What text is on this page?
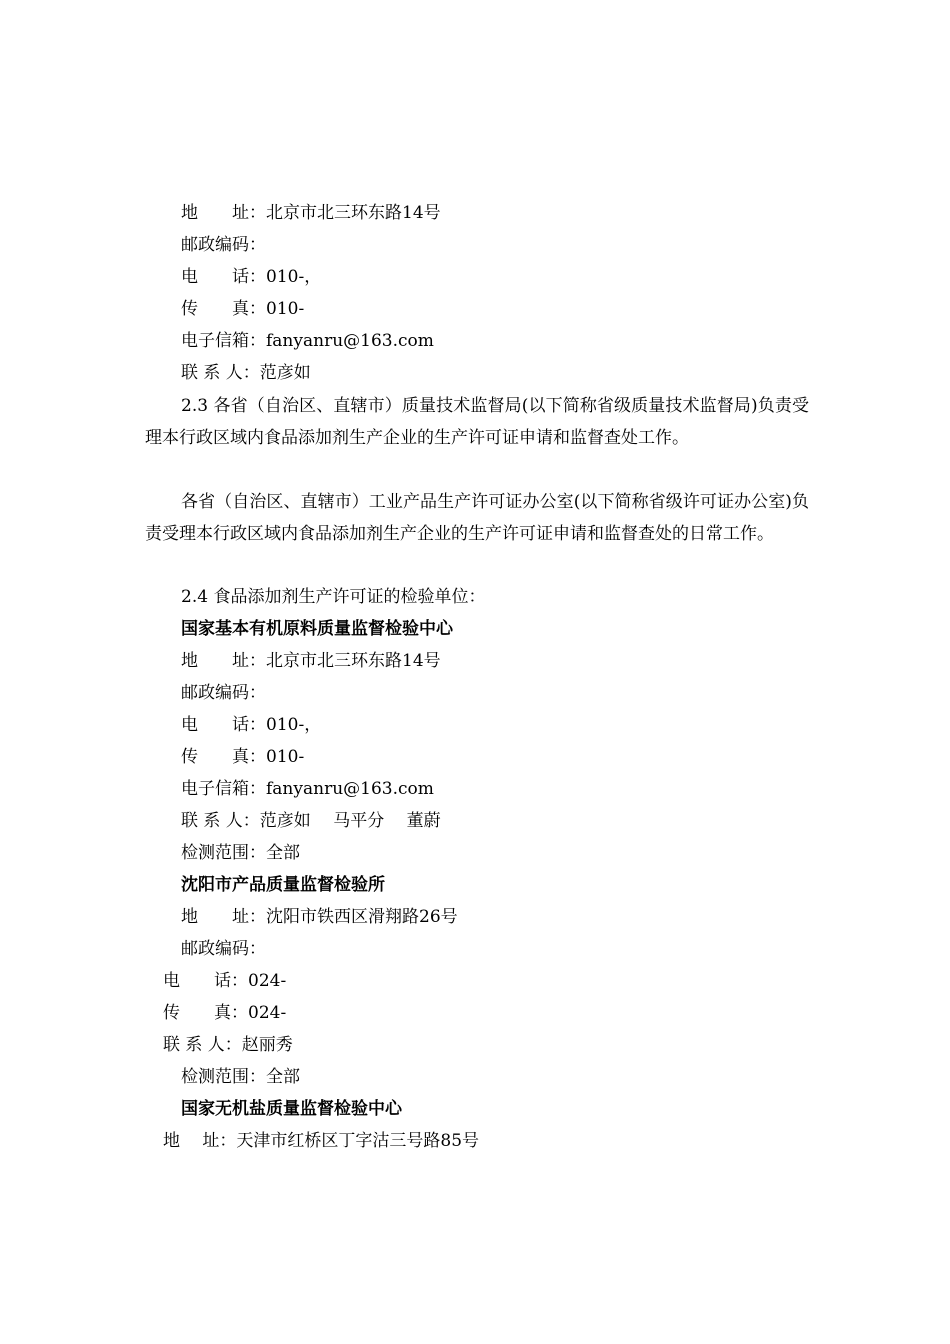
地　　址：北京市北三环东路14号
邮政编码：
电　　话：010-，
传　　真：010-
电子信箱：fanyanru@163.com
联 系 人：范彦如
2.3 各省（自治区、直辖市）质量技术监督局(以下简称省级质量技术监督局)负责受理本行政区域内食品添加剂生产企业的生产许可证申请和监督查处工作。
各省（自治区、直辖市）工业产品生产许可证办公室(以下简称省级许可证办公室)负责受理本行政区域内食品添加剂生产企业的生产许可证申请和监督查处的日常工作。
2.4 食品添加剂生产许可证的检验单位：
国家基本有机原料质量监督检验中心
地　　址：北京市北三环东路14号
邮政编码：
电　　话：010-，
传　　真：010-
电子信箱：fanyanru@163.com
联 系 人：范彦如　 马平分　 董蔚
检测范围：全部
沈阳市产品质量监督检验所
地　　址：沈阳市铁西区滑翔路26号
邮政编码：
电　　话：024-
传　　真：024-
联 系 人：赵丽秀
检测范围：全部
国家无机盐质量监督检验中心
地　 址：天津市红桥区丁字沽三号路85号
